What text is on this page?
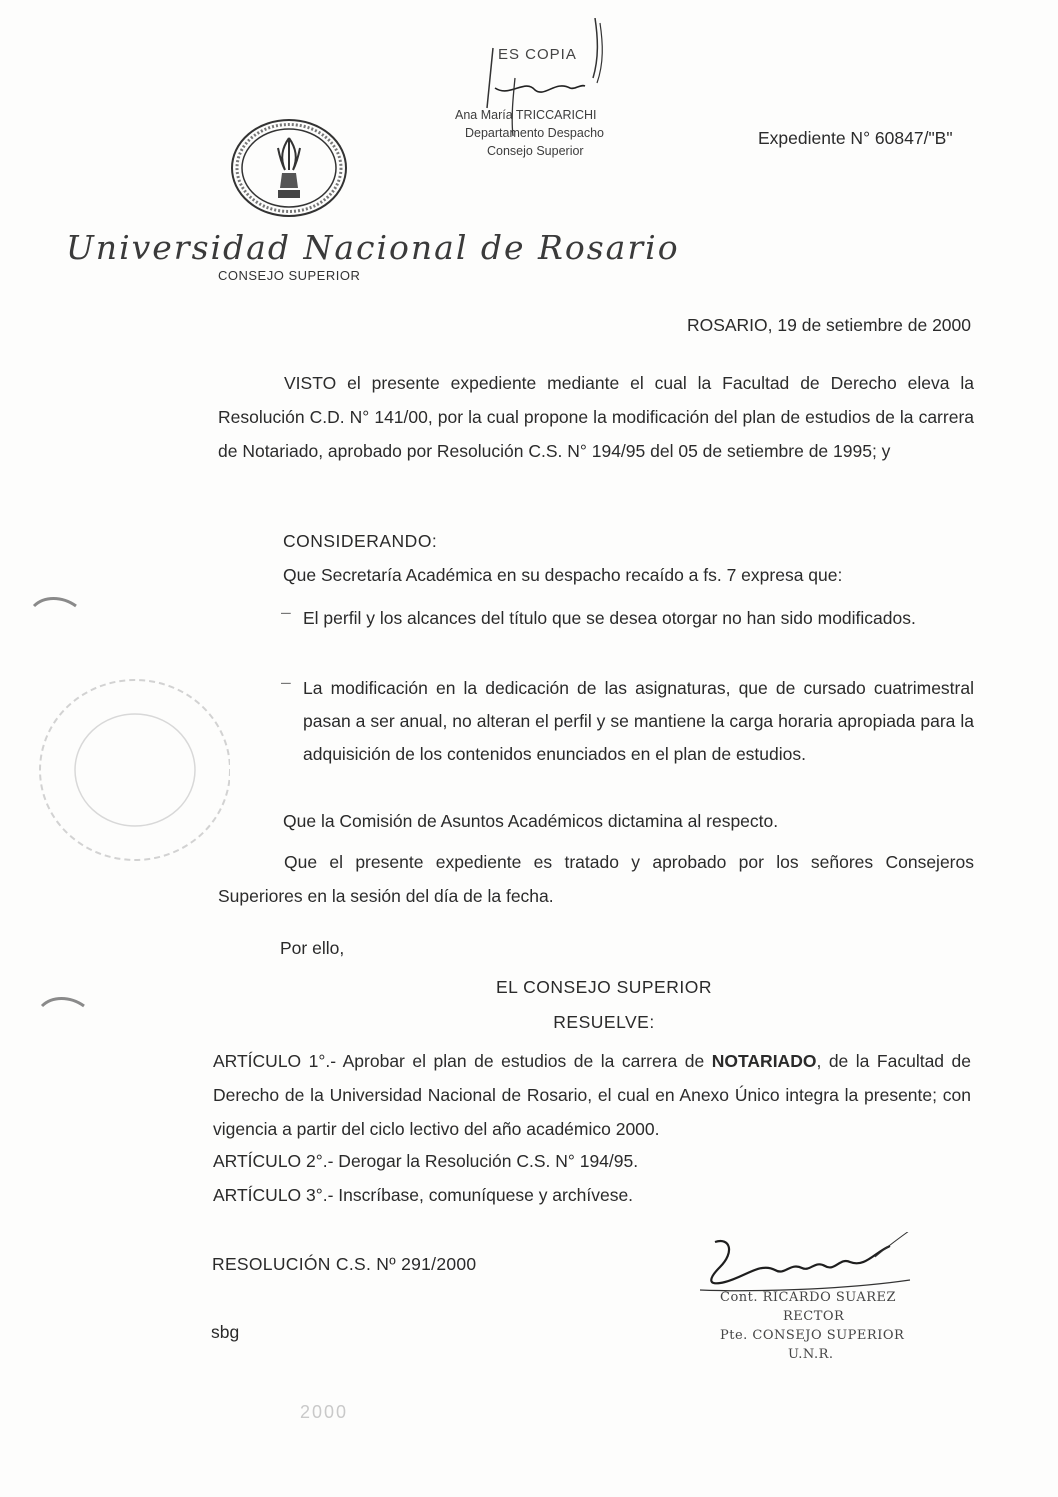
Universidad Nacional de Rosario
CONSEJO SUPERIOR
ES COPIA
Ana María TRICCARICHI
Departamento Despacho
Consejo Superior
Expediente N° 60847/"B"
ROSARIO, 19 de setiembre de 2000
VISTO el presente expediente mediante el cual la Facultad de Derecho eleva la Resolución C.D. N° 141/00, por la cual propone la modificación del plan de estudios de la carrera de Notariado, aprobado por Resolución C.S. N° 194/95 del 05 de setiembre de 1995; y
CONSIDERANDO:
Que Secretaría Académica en su despacho recaído a fs. 7 expresa que:
– El perfil y los alcances del título que se desea otorgar no han sido modificados.
– La modificación en la dedicación de las asignaturas, que de cursado cuatrimestral pasan a ser anual, no alteran el perfil y se mantiene la carga horaria apropiada para la adquisición de los contenidos enunciados en el plan de estudios.
Que la Comisión de Asuntos Académicos dictamina al respecto.
Que el presente expediente es tratado y aprobado por los señores Consejeros Superiores en la sesión del día de la fecha.
Por ello,
EL CONSEJO SUPERIOR
RESUELVE:
ARTÍCULO 1°.- Aprobar el plan de estudios de la carrera de NOTARIADO, de la Facultad de Derecho de la Universidad Nacional de Rosario, el cual en Anexo Único integra la presente; con vigencia a partir del ciclo lectivo del año académico 2000.
ARTÍCULO 2°.- Derogar la Resolución C.S. N° 194/95.
ARTÍCULO 3°.- Inscríbase, comuníquese y archívese.
RESOLUCIÓN C.S. Nº 291/2000
sbg
Cont. RICARDO SUAREZ
RECTOR
Pte. CONSEJO SUPERIOR
U.N.R.
2000
